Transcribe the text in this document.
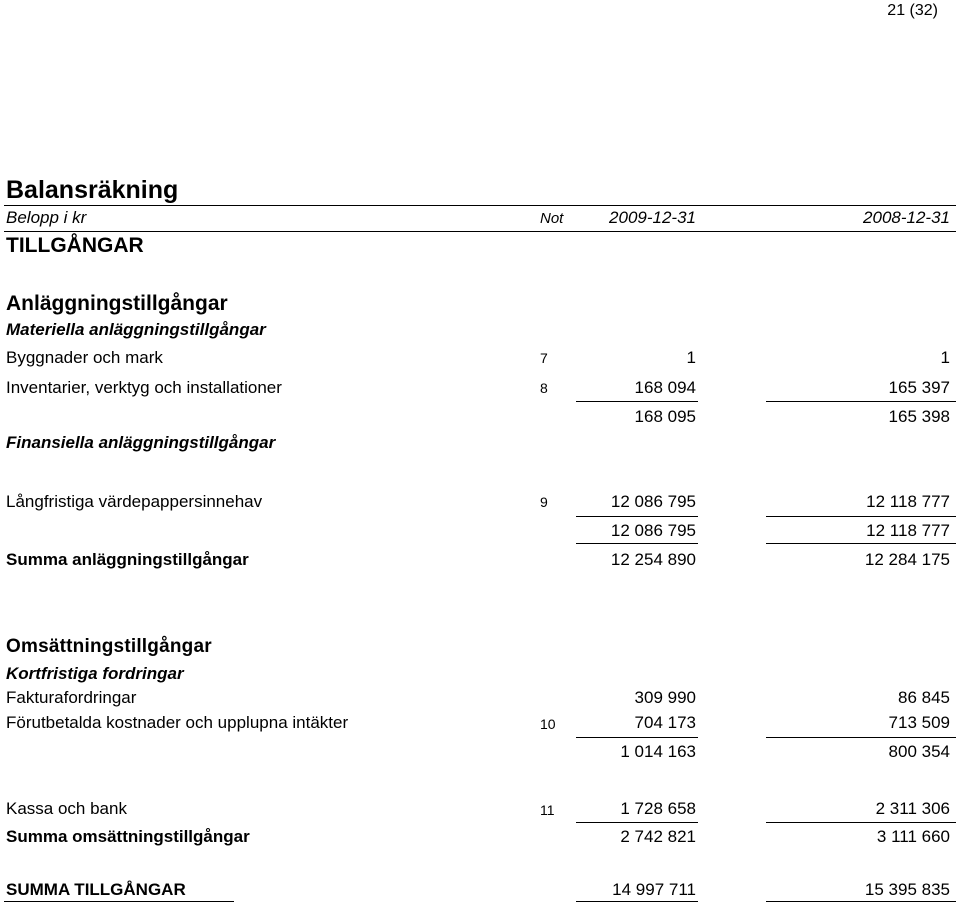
21 (32)
Balansräkning
Belopp i kr	Not	2009-12-31	2008-12-31
TILLGÅNGAR
Anläggningstillgångar
Materiella anläggningstillgångar
Byggnader och mark	7	1	1
Inventarier, verktyg och installationer	8	168 094	165 397
168 095	165 398
Finansiella anläggningstillgångar
Långfristiga värdepappersinnehav	9	12 086 795	12 118 777
12 086 795	12 118 777
Summa anläggningstillgångar	12 254 890	12 284 175
Omsättningstillgångar
Kortfristiga fordringar
Fakturafordringar	309 990	86 845
Förutbetalda kostnader och upplupna intäkter	10	704 173	713 509
1 014 163	800 354
Kassa och bank	11	1 728 658	2 311 306
Summa omsättningstillgångar	2 742 821	3 111 660
SUMMA TILLGÅNGAR	14 997 711	15 395 835
